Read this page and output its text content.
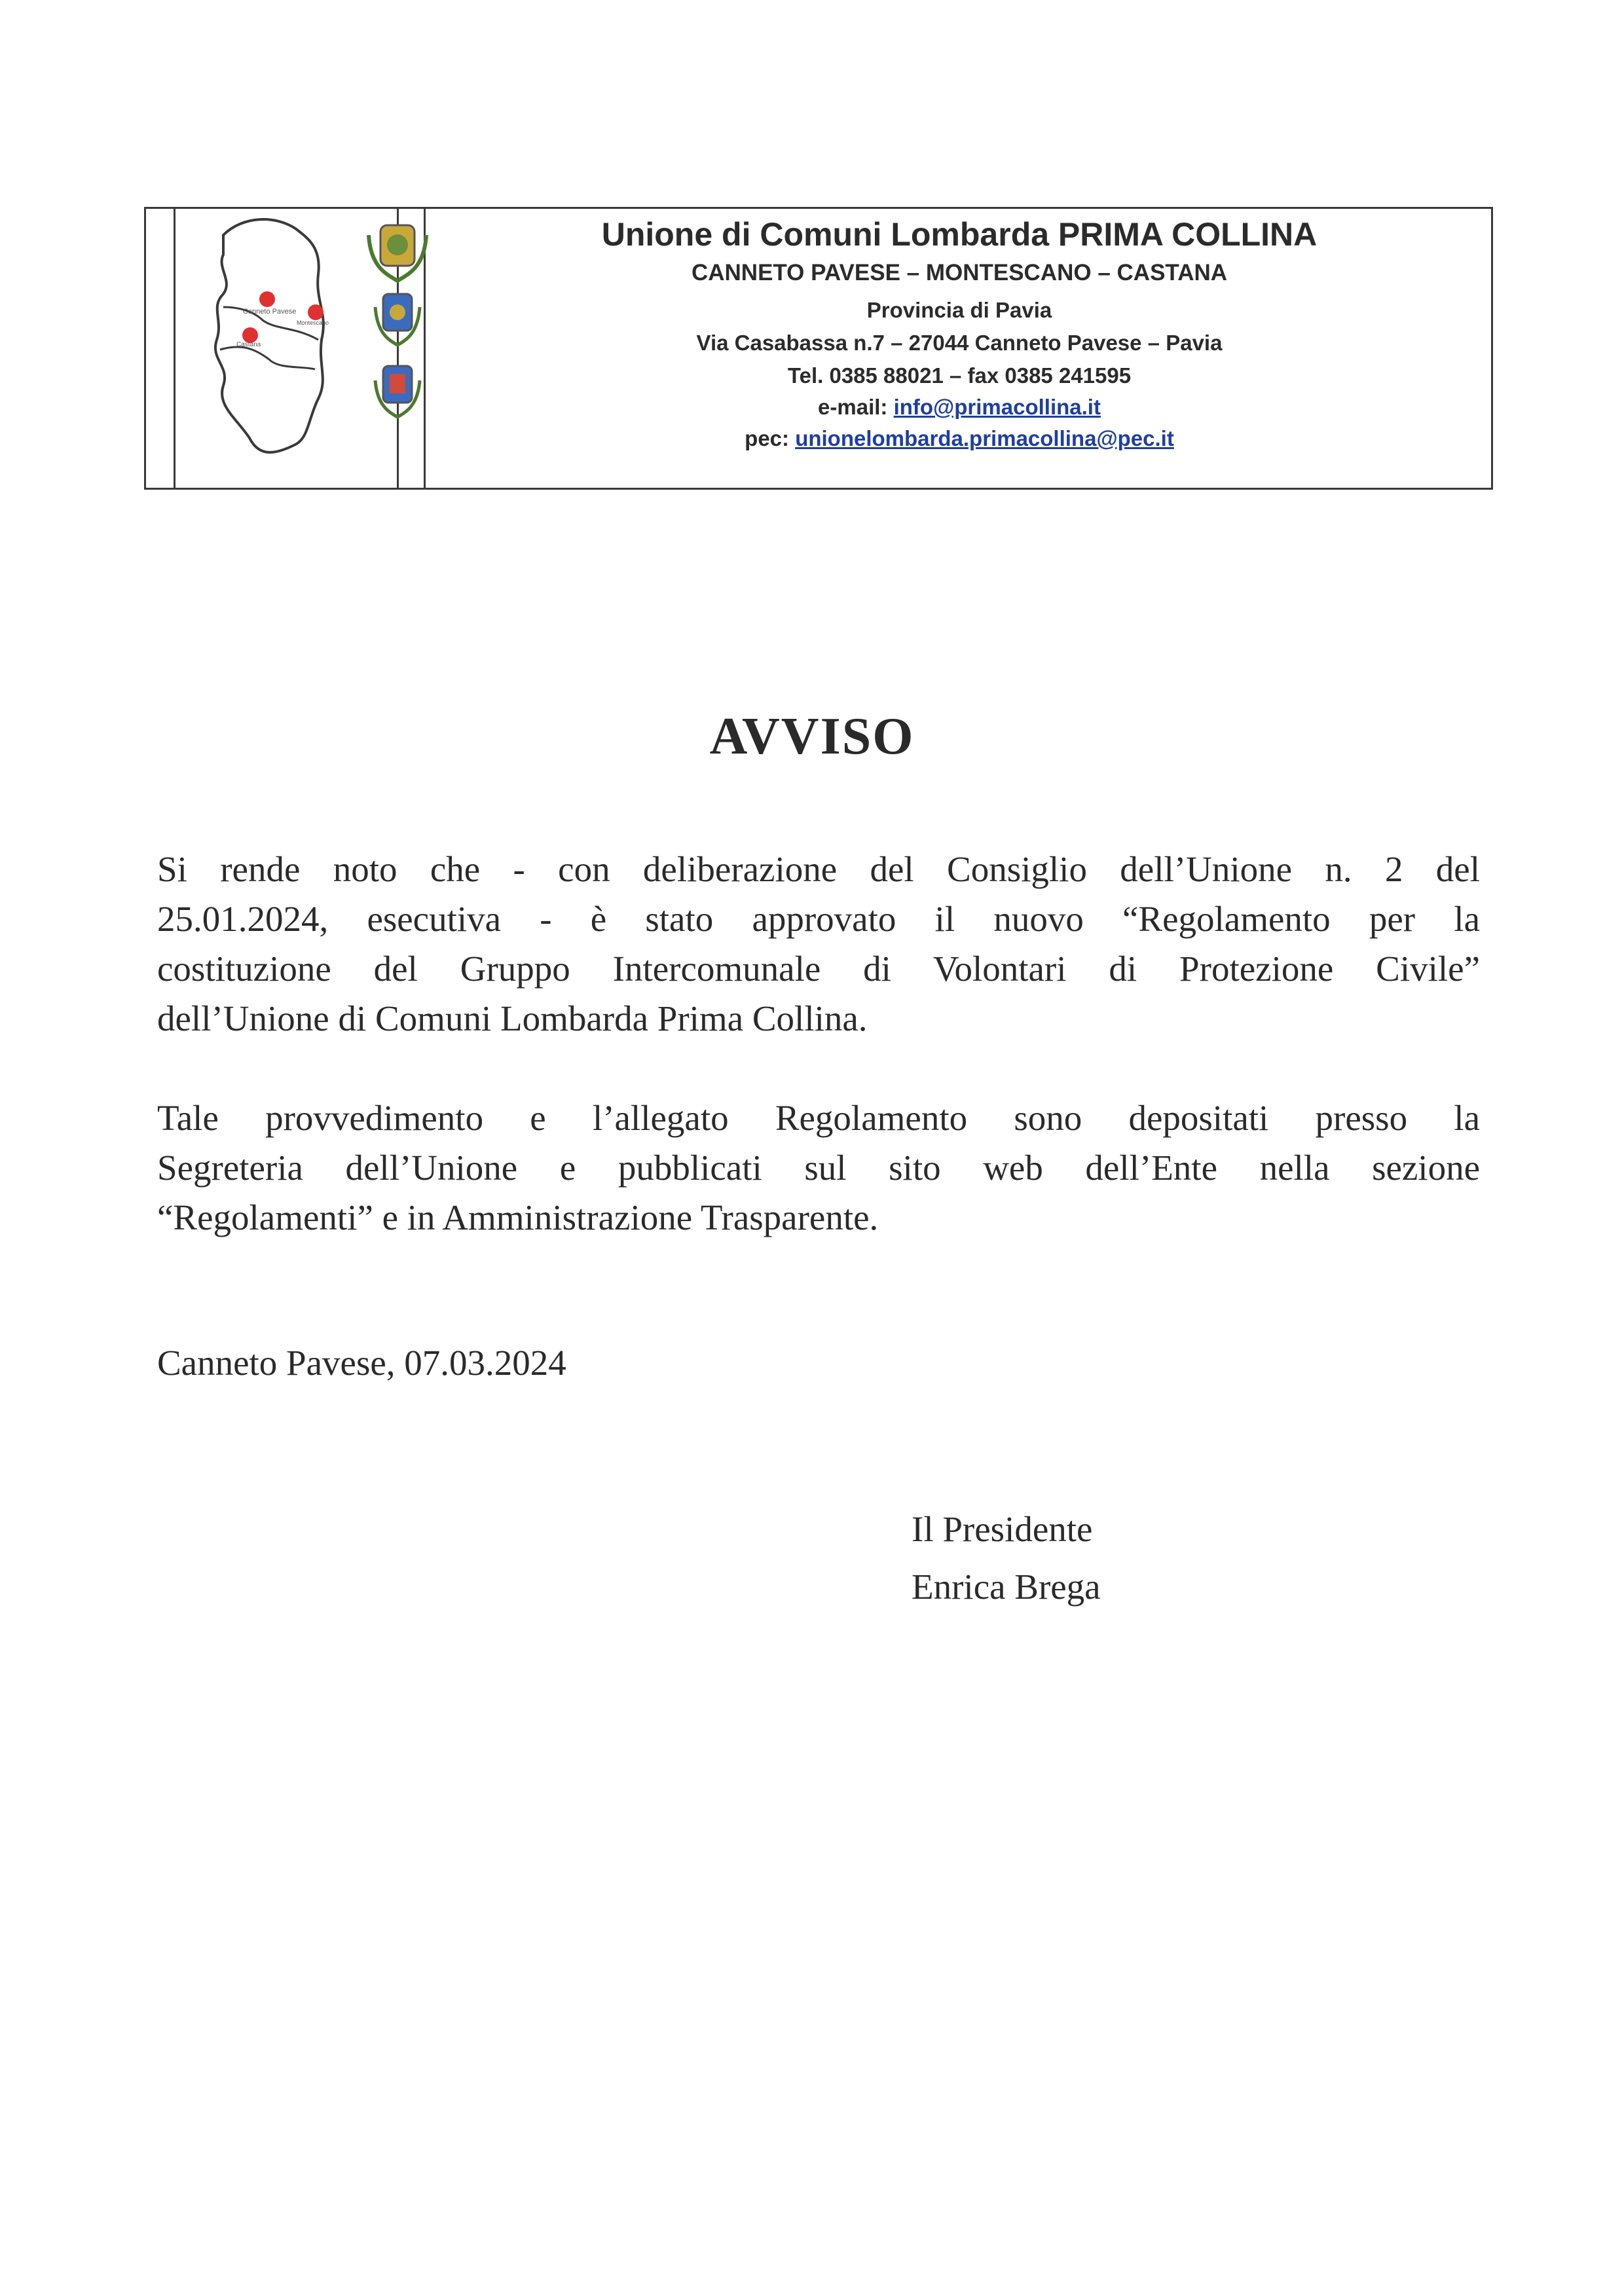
Canneto Pavese
Montescano
Castana
Unione di Comuni Lombarda PRIMA COLLINA
CANNETO PAVESE – MONTESCANO – CASTANA
Provincia di Pavia
Via Casabassa n.7 – 27044 Canneto Pavese – Pavia
Tel. 0385 88021 – fax 0385 241595
e-mail: info@primacollina.it
pec: unionelombarda.primacollina@pec.it
AVVISO
Si rende noto che - con deliberazione del Consiglio dell’Unione n. 2 del
25.01.2024, esecutiva - è stato approvato il nuovo “Regolamento per la
costituzione del Gruppo Intercomunale di Volontari di Protezione Civile”
dell’Unione di Comuni Lombarda Prima Collina.
Tale provvedimento e l’allegato Regolamento sono depositati presso la
Segreteria dell’Unione e pubblicati sul sito web dell’Ente nella sezione
“Regolamenti” e in Amministrazione Trasparente.
Canneto Pavese, 07.03.2024
Il Presidente
Enrica Brega
